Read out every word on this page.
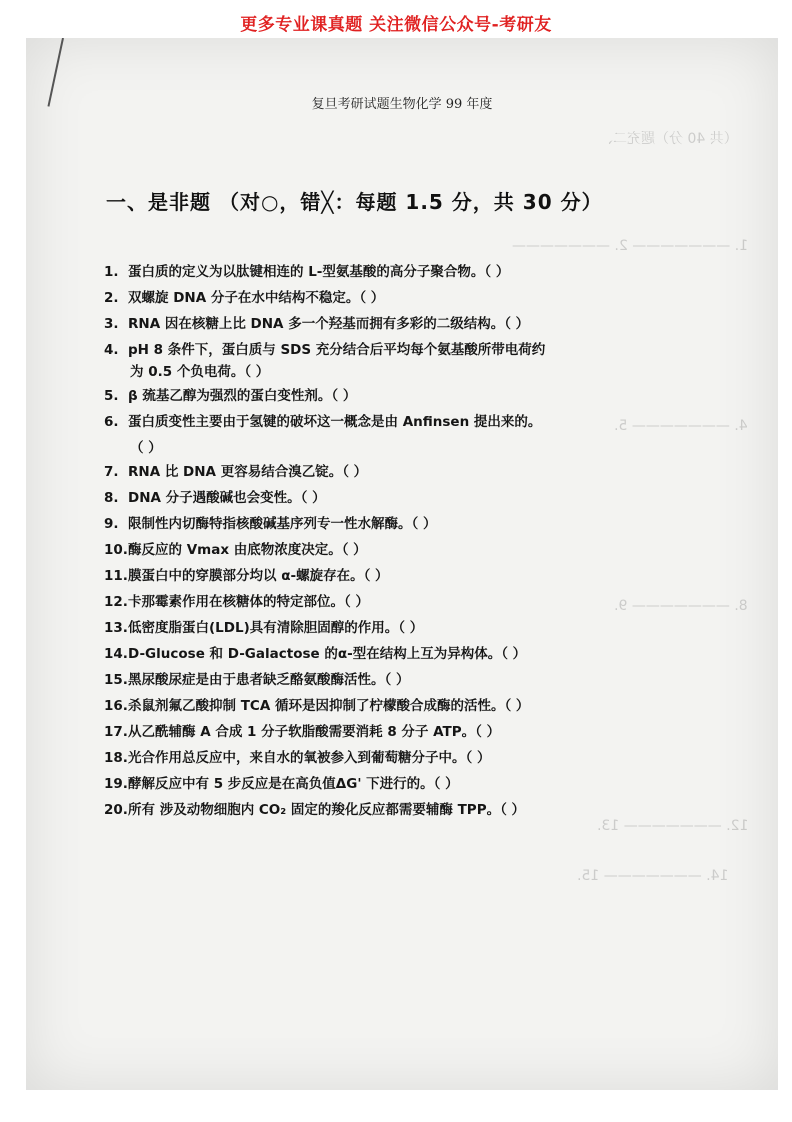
更多专业课真题 关注微信公众号-考研友
（共 40 分）题充二、
1. ——————— 2. ———————
4. ——————— 5.
8. ——————— 9.
12. ——————— 13.
14. ——————— 15.
复旦考研试题生物化学 99 年度
一、是非题 （对○，错╳：每题 1.5 分，共 30 分）
1.蛋白质的定义为以肽键相连的 L-型氨基酸的高分子聚合物。（ ）
2.双螺旋 DNA 分子在水中结构不稳定。（ ）
3.RNA 因在核糖上比 DNA 多一个羟基而拥有多彩的二级结构。（ ）
4.pH 8 条件下，蛋白质与 SDS 充分结合后平均每个氨基酸所带电荷约
为 0.5 个负电荷。（ ）
5.β 巯基乙醇为强烈的蛋白变性剂。（ ）
6.蛋白质变性主要由于氢键的破坏这一概念是由 Anfinsen 提出来的。
（ ）
7.RNA 比 DNA 更容易结合溴乙锭。（ ）
8.DNA 分子遇酸碱也会变性。（ ）
9.限制性内切酶特指核酸碱基序列专一性水解酶。（ ）
10.酶反应的 Vmax 由底物浓度决定。（ ）
11.膜蛋白中的穿膜部分均以 α-螺旋存在。（ ）
12.卡那霉素作用在核糖体的特定部位。（ ）
13.低密度脂蛋白(LDL)具有清除胆固醇的作用。（ ）
14.D-Glucose 和 D-Galactose 的α-型在结构上互为异构体。（ ）
15.黑尿酸尿症是由于患者缺乏酪氨酸酶活性。（ ）
16.杀鼠剂氟乙酸抑制 TCA 循环是因抑制了柠檬酸合成酶的活性。（ ）
17.从乙酰辅酶 A 合成 1 分子软脂酸需要消耗 8 分子 ATP。（ ）
18.光合作用总反应中，来自水的氧被参入到葡萄糖分子中。（ ）
19.酵解反应中有 5 步反应是在高负值ΔG' 下进行的。（ ）
20.所有 涉及动物细胞内 CO₂ 固定的羧化反应都需要辅酶 TPP。（ ）
